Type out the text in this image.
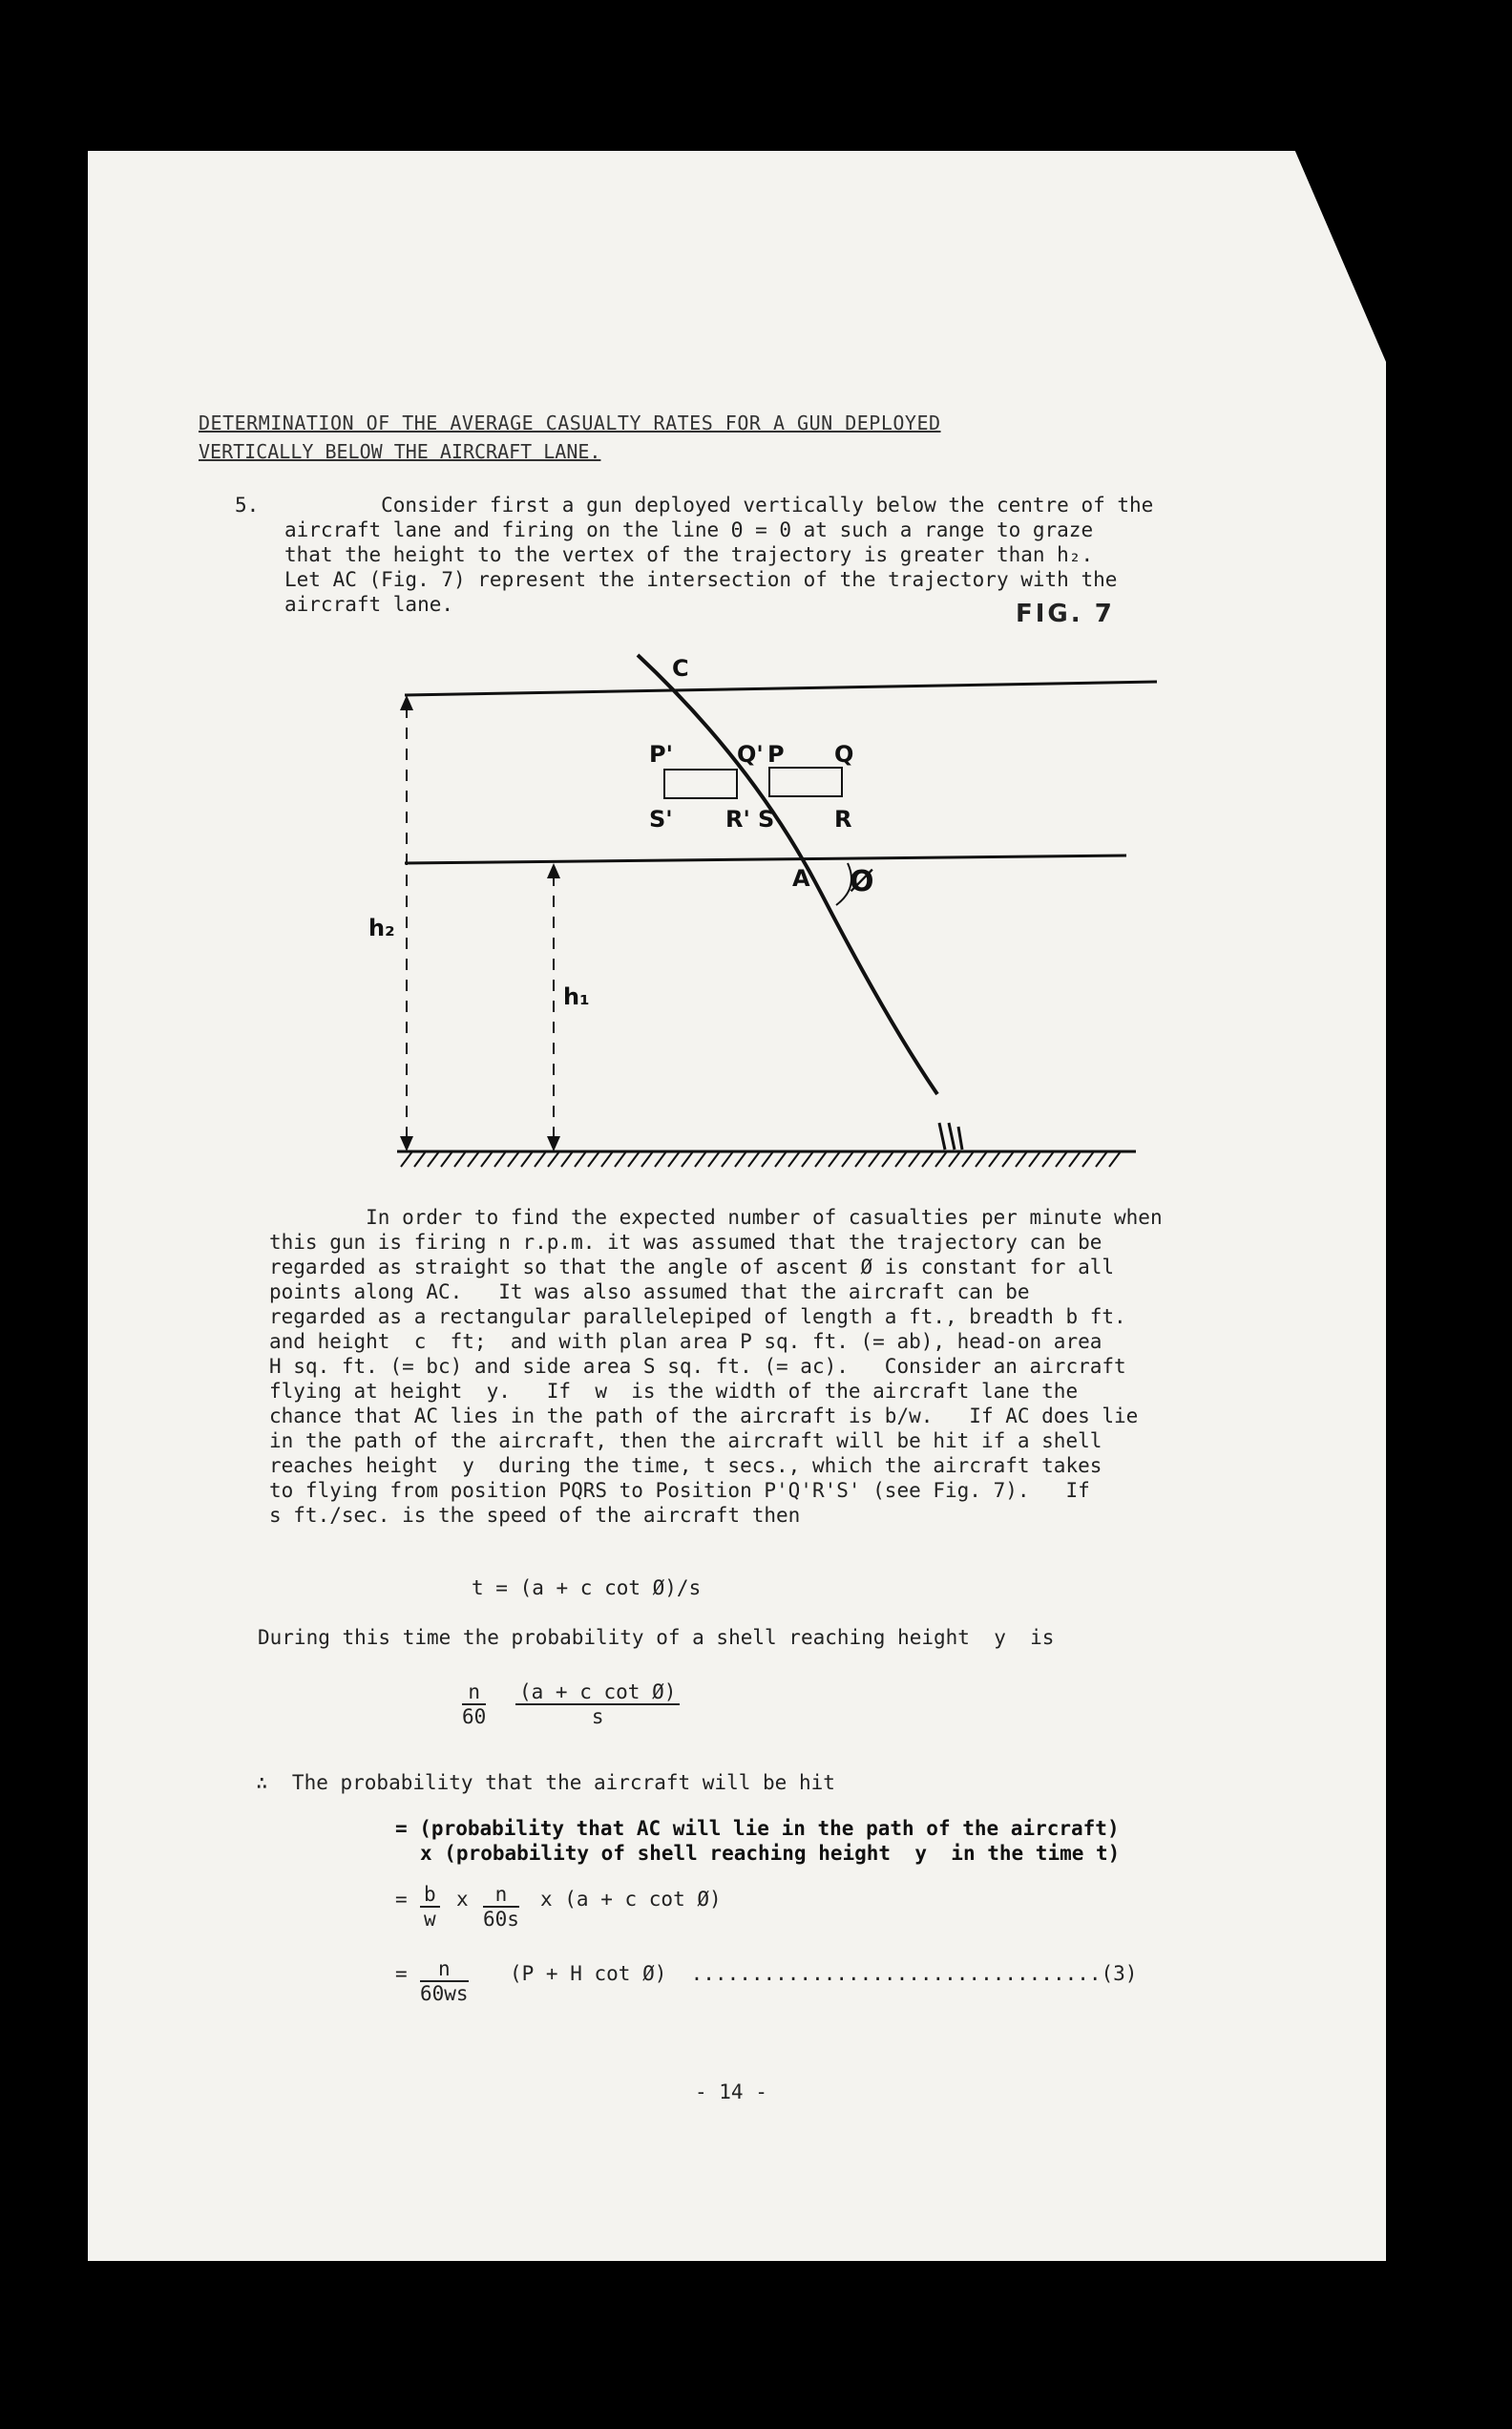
DETERMINATION OF THE AVERAGE CASUALTY RATES FOR A GUN DEPLOYED
VERTICALLY BELOW THE AIRCRAFT LANE.
5. Consider first a gun deployed vertically below the centre of the
aircraft lane and firing on the line Θ = 0 at such a range to graze
that the height to the vertex of the trajectory is greater than h₂.
Let AC (Fig. 7) represent the intersection of the trajectory with the
aircraft lane.	FIG. 7
C
P'	Q' P Q
S' R' S	R
A Ø
h₂
h₁
In order to find the expected number of casualties per minute when
this gun is firing n r.p.m. it was assumed that the trajectory can be
regarded as straight so that the angle of ascent Ø is constant for all
points along AC.   It was also assumed that the aircraft can be
regarded as a rectangular parallelepiped of length a ft., breadth b ft.
and height  c  ft;  and with plan area P sq. ft. (= ab), head-on area
H sq. ft. (= bc) and side area S sq. ft. (= ac).   Consider an aircraft
flying at height  y.   If  w  is the width of the aircraft lane the
chance that AC lies in the path of the aircraft is b/w.   If AC does lie
in the path of the aircraft, then the aircraft will be hit if a shell
reaches height  y  during the time, t secs., which the aircraft takes
to flying from position PQRS to Position P'Q'R'S' (see Fig. 7).   If
s ft./sec. is the speed of the aircraft then
t = (a + c cot Ø)/s
During this time the probability of a shell reaching height  y  is
$\frac{n}{60} \frac{\text{(a + c cot Ø)}}{s}$
∴  The probability that the aircraft will be hit
= (probability that AC will lie in the path of the aircraft)
x (probability of shell reaching height  y  in the time t)
= $\frac{b}{w}$ x $\frac{n}{60s}$ x (a + c cot Ø)
= $\frac{n}{60ws} (P + H$ cot Ø)  ..................................(3)
- 14 -
